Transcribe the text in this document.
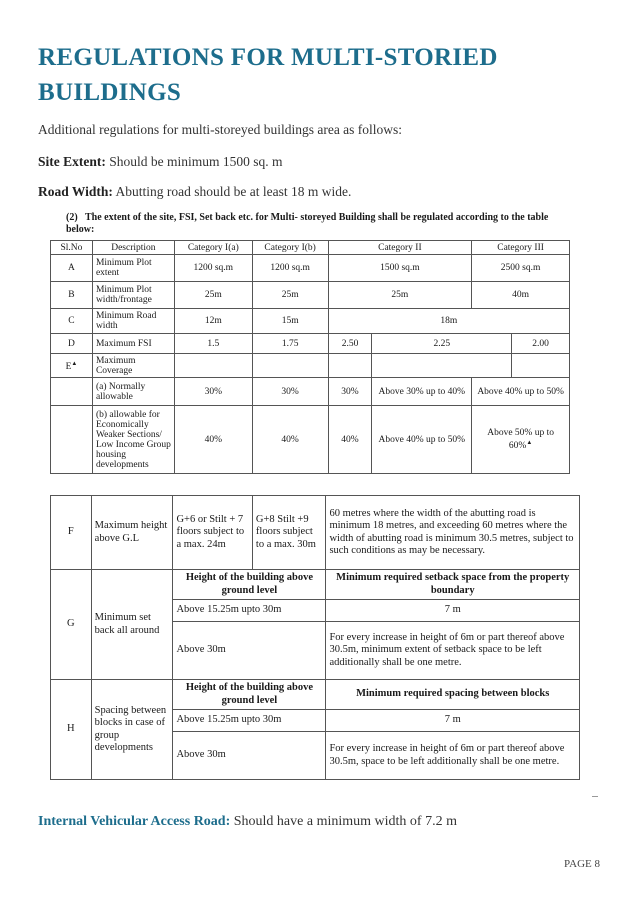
REGULATIONS FOR MULTI-STORIED BUILDINGS

Additional regulations for multi-storeyed buildings area as follows:

Site Extent: Should be minimum 1500 sq. m

Road Width: Abutting road should be at least 18 m wide.

(2) The extent of the site, FSI, Set back etc. for Multi- storeyed Building shall be regulated according to the table below:
Sl.No	Description	Category I(a)	Category I(b)	Category II		Category III	
A	Minimum Plot extent	1200 sq.m	1200 sq.m	1500 sq.m		2500 sq.m	
B	Minimum Plot width/frontage	25m	25m	25m		40m	
C	Minimum Road width	12m	15m	18m			
D	Maximum FSI	1.5	1.75	2.50	2.25		2.00
E▲	Maximum Coverage						
	(a) Normally allowable	30%	30%	30%	Above 30% up to 40%	Above 40% up to 50%	
	(b) allowable for Economically Weaker Sections/ Low Income Group housing developments	40%	40%	40%	Above 40% up to 50%	Above 50% up to 60%▲
F	Maximum height above G.L	G+6 or Stilt + 7 floors subject to a max. 24m	G+8 Stilt +9 floors subject to a max. 30m	60 metres where the width of the abutting road is minimum 18 metres, and exceeding 60 metres where the width of abutting road is minimum 30.5 metres, subject to such conditions as may be necessary.
G	Minimum set back all around	Height of the building above ground level		Minimum required setback space from the property boundary
		Above 15.25m upto 30m		7 m
		Above 30m		For every increase in height of 6m or part thereof above 30.5m, minimum extent of setback space to be left additionally shall be one metre.
H	Spacing between blocks in case of group developments	Height of the building above ground level		Minimum required spacing between blocks
		Above 15.25m upto 30m		7 m
		Above 30m		For every increase in height of 6m or part thereof above 30.5m, space to be left additionally shall be one metre.

Internal Vehicular Access Road: Should have a minimum width of 7.2 m

PAGE 8
